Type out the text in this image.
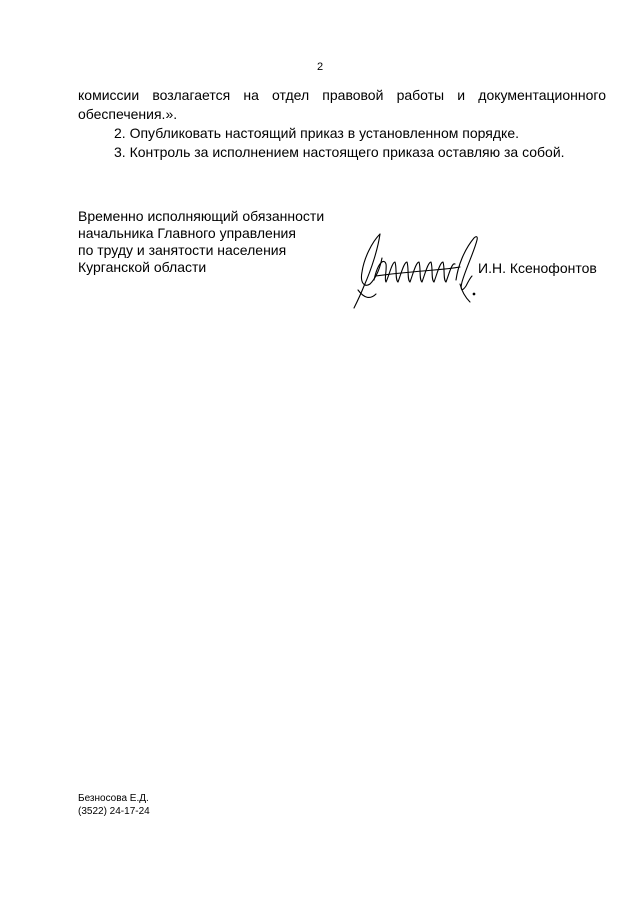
2

комиссии возлагается на отдел правовой работы и документационного обеспечения.».

2. Опубликовать настоящий приказ в установленном порядке.

3. Контроль за исполнением настоящего приказа оставляю за собой.

Временно исполняющий обязанности
начальника Главного управления
по труду и занятости населения
Курганской области	И.Н. Ксенофонтов
Безносова Е.Д.
(3522) 24-17-24
